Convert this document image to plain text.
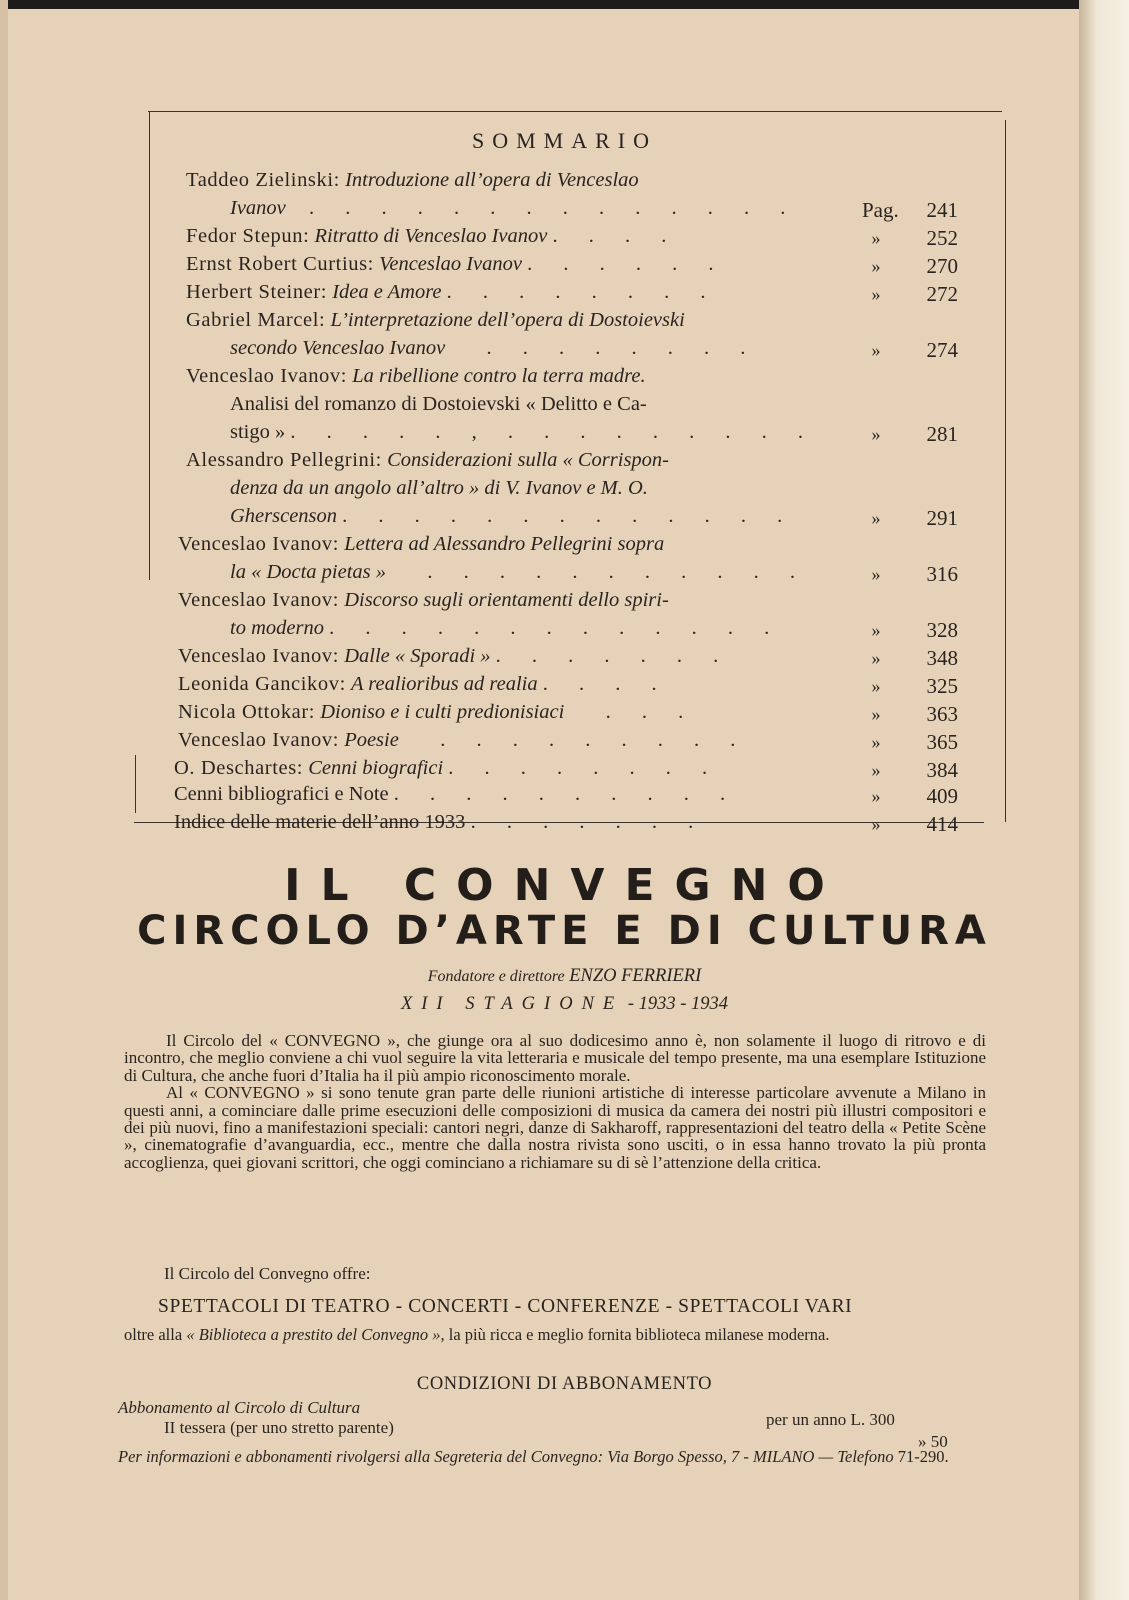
SOMMARIO
Taddeo Zielinski: Introduzione all’opera di Venceslao
Ivanov  . . . . . . . . . . . . . .	Pag.	241
Fedor Stepun: Ritratto di Venceslao Ivanov . . . .	»	252
Ernst Robert Curtius: Venceslao Ivanov . . . . . .	»	270
Herbert Steiner: Idea e Amore . . . . . . . .	»	272
Gabriel Marcel: L’interpretazione dell’opera di Dostoievski
secondo Venceslao Ivanov   . . . . . . . .	»	274
Venceslao Ivanov: La ribellione contro la terra madre.
Analisi del romanzo di Dostoievski « Delitto e Ca-
stigo » . . . . . , . . . . . . . . .	»	281
Alessandro Pellegrini: Considerazioni sulla « Corrispon-
denza da un angolo all’altro » di V. Ivanov e M. O.
Gherscenson . . . . . . . . . . . . .	»	291
Venceslao Ivanov: Lettera ad Alessandro Pellegrini sopra
la « Docta pietas »   . . . . . . . . . . .	»	316
Venceslao Ivanov: Discorso sugli orientamenti dello spiri-
to moderno . . . . . . . . . . . . .	»	328
Venceslao Ivanov: Dalle « Sporadi » . . . . . . .	»	348
Leonida Gancikov: A realioribus ad realia . . . .	»	325
Nicola Ottokar: Dioniso e i culti predionisiaci   . . .	»	363
Venceslao Ivanov: Poesie   . . . . . . . . .	»	365
O. Deschartes: Cenni biografici . . . . . . . .	»	384
Cenni bibliografici e Note . . . . . . . . . .	»	409
Indice delle materie dell’anno 1933 . . . . . . .	»	414
IL CONVEGNO
CIRCOLO D’ARTE E DI CULTURA
Fondatore e direttore ENZO FERRIERI
XII STAGIONE - 1933 - 1934

Il Circolo del « CONVEGNO », che giunge ora al suo dodicesimo anno è, non solamente il luogo di ritrovo e di incontro, che meglio conviene a chi vuol seguire la vita letteraria e musicale del tempo presente, ma una esemplare Istituzione di Cultura, che anche fuori d’Italia ha il più ampio riconoscimento morale.

Al « CONVEGNO » si sono tenute gran parte delle riunioni artistiche di interesse particolare avvenute a Milano in questi anni, a cominciare dalle prime esecuzioni delle composizioni di musica da camera dei nostri più illustri compositori e dei più nuovi, fino a manifestazioni speciali: cantori negri, danze di Sakharoff, rappresentazioni del teatro della « Petite Scène », cinematografie d’avanguardia, ecc., mentre che dalla nostra rivista sono usciti, o in essa hanno trovato la più pronta accoglienza, quei giovani scrittori, che oggi cominciano a richiamare su di sè l’attenzione della critica.

Il Circolo del Convegno offre:
SPETTACOLI DI TEATRO - CONCERTI - CONFERENZE - SPETTACOLI VARI
oltre alla « Biblioteca a prestito del Convegno », la più ricca e meglio fornita biblioteca milanese moderna.
CONDIZIONI DI ABBONAMENTO
Abbonamento al Circolo di Cultura
per un anno L. 300
II tessera (per uno stretto parente)
» 50
Per informazioni e abbonamenti rivolgersi alla Segreteria del Convegno: Via Borgo Spesso, 7 - MILANO — Telefono 71-290.
